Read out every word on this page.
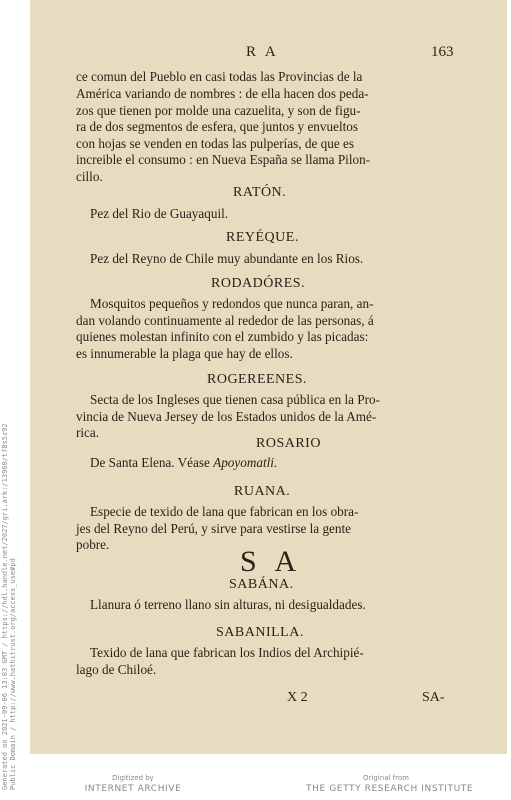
R A	163
ce comun del Pueblo en casi todas las Provincias de la
América variando de nombres : de ella hacen dos peda-
zos que tienen por molde una cazuelita, y son de figu-
ra de dos segmentos de esfera, que juntos y envueltos
con hojas se venden en todas las pulperías, de que es
increible el consumo : en Nueva España se llama Pilon-
cillo.
RATÓN.
Pez del Rio de Guayaquil.
REYÉQUE.
Pez del Reyno de Chile muy abundante en los Rios.
RODADÓRES.
Mosquitos pequeños y redondos que nunca paran, an-
dan volando continuamente al rededor de las personas, á
quienes molestan infinito con el zumbido y las picadas:
es innumerable la plaga que hay de ellos.
ROGEREENES.
Secta de los Ingleses que tienen casa pública en la Pro-
vincia de Nueva Jersey de los Estados unidos de la Amé-
rica.
ROSARIO
De Santa Elena. Véase Apoyomatli.
RUANA.
Especie de texido de lana que fabrican en los obra-
jes del Reyno del Perú, y sirve para vestirse la gente
pobre.
S A
SABÁNA.
Llanura ó terreno llano sin alturas, ni desigualdades.
SABANILLA.
Texido de lana que fabrican los Indios del Archipié-
lago de Chiloé.
X 2	SA-
Generated on 2021-09-06 13:03 GMT / https://hdl.handle.net/2027/gri.ark:/13960/t78s5z92 Public Domain / http://www.hathitrust.org/access_use#pd	Digitized by
INTERNET ARCHIVE
Original from
THE GETTY RESEARCH INSTITUTE
